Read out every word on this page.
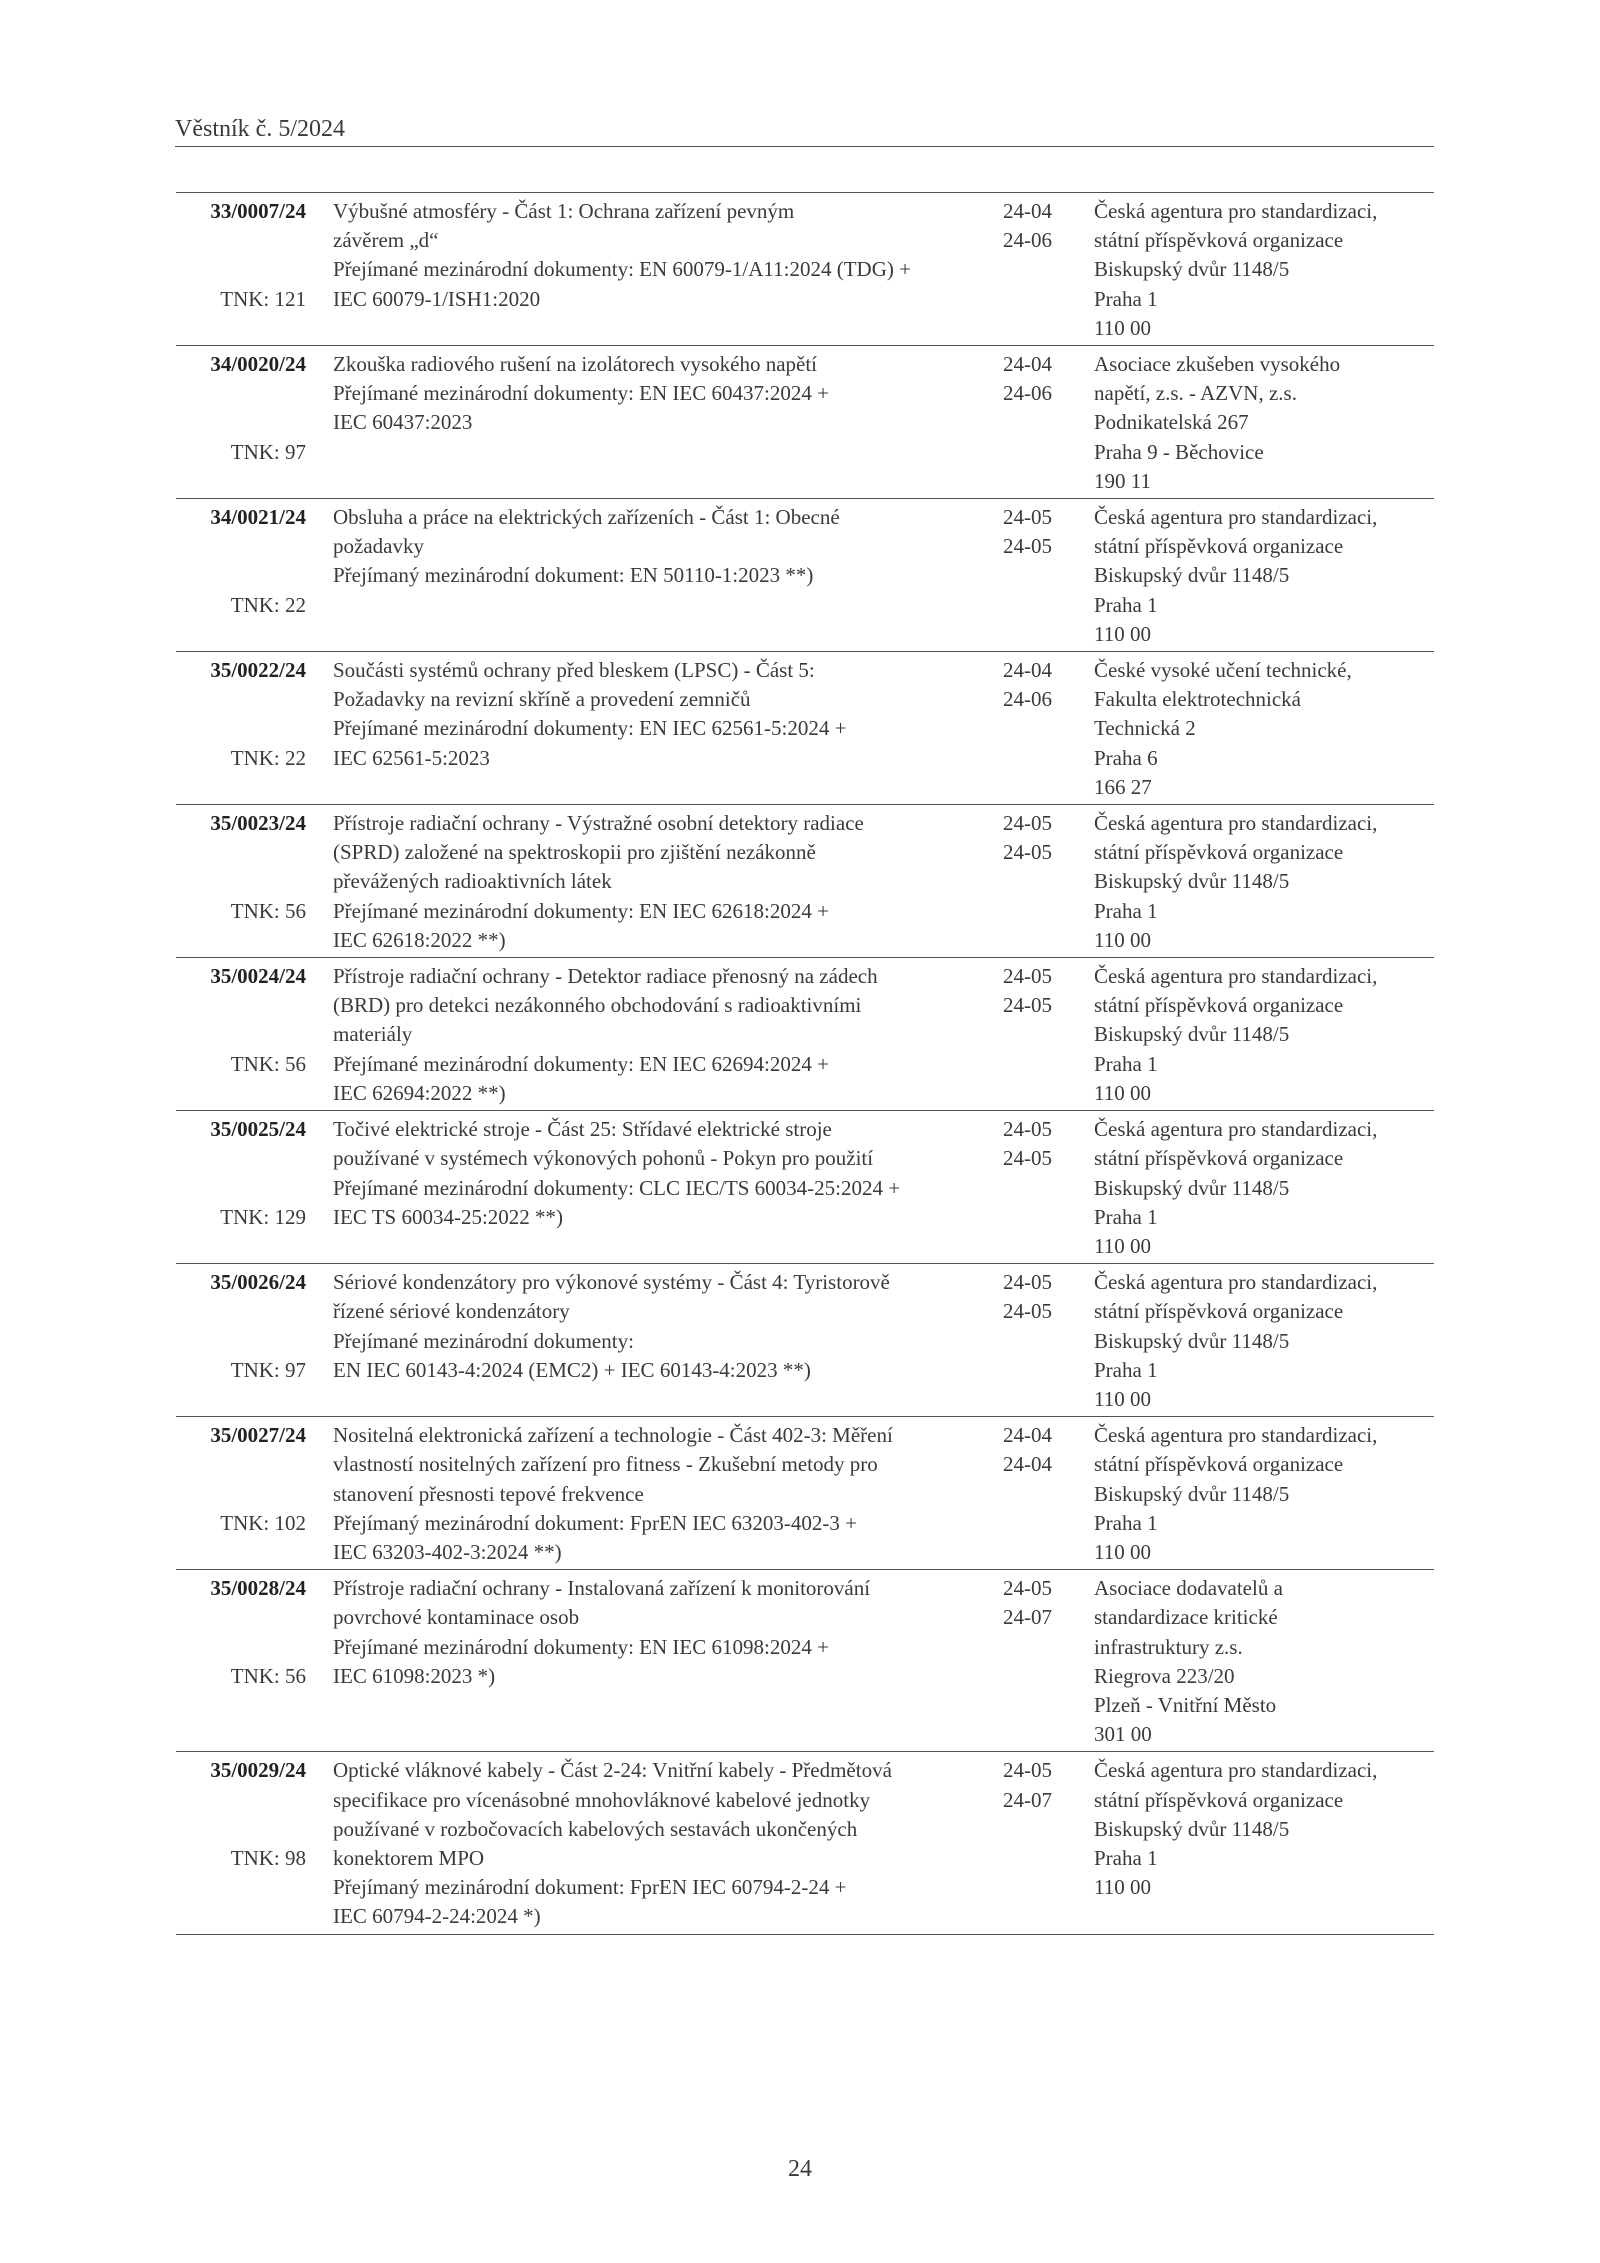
Věstník č. 5/2024
33/0007/24
TNK: 121
Výbušné atmosféry - Část 1: Ochrana zařízení pevným
závěrem „d“
Přejímané mezinárodní dokumenty: EN 60079-1/A11:2024 (TDG) +
IEC 60079-1/ISH1:2020
24-04
24-06
Česká agentura pro standardizaci,
státní příspěvková organizace
Biskupský dvůr 1148/5
Praha 1
110 00
34/0020/24
TNK: 97
Zkouška radiového rušení na izolátorech vysokého napětí
Přejímané mezinárodní dokumenty: EN IEC 60437:2024 +
IEC 60437:2023
24-04
24-06
Asociace zkušeben vysokého
napětí, z.s. - AZVN, z.s.
Podnikatelská 267
Praha 9 - Běchovice
190 11
34/0021/24
TNK: 22
Obsluha a práce na elektrických zařízeních - Část 1: Obecné
požadavky
Přejímaný mezinárodní dokument: EN 50110-1:2023 **)
24-05
24-05
Česká agentura pro standardizaci,
státní příspěvková organizace
Biskupský dvůr 1148/5
Praha 1
110 00
35/0022/24
TNK: 22
Součásti systémů ochrany před bleskem (LPSC) - Část 5:
Požadavky na revizní skříně a provedení zemničů
Přejímané mezinárodní dokumenty: EN IEC 62561-5:2024 +
IEC 62561-5:2023
24-04
24-06
České vysoké učení technické,
Fakulta elektrotechnická
Technická 2
Praha 6
166 27
35/0023/24
TNK: 56
Přístroje radiační ochrany - Výstražné osobní detektory radiace
(SPRD) založené na spektroskopii pro zjištění nezákonně
převážených radioaktivních látek
Přejímané mezinárodní dokumenty: EN IEC 62618:2024 +
IEC 62618:2022 **)
24-05
24-05
Česká agentura pro standardizaci,
státní příspěvková organizace
Biskupský dvůr 1148/5
Praha 1
110 00
35/0024/24
TNK: 56
Přístroje radiační ochrany - Detektor radiace přenosný na zádech
(BRD) pro detekci nezákonného obchodování s radioaktivními
materiály
Přejímané mezinárodní dokumenty: EN IEC 62694:2024 +
IEC 62694:2022 **)
24-05
24-05
Česká agentura pro standardizaci,
státní příspěvková organizace
Biskupský dvůr 1148/5
Praha 1
110 00
35/0025/24
TNK: 129
Točivé elektrické stroje - Část 25: Střídavé elektrické stroje
používané v systémech výkonových pohonů - Pokyn pro použití
Přejímané mezinárodní dokumenty: CLC IEC/TS 60034-25:2024 +
IEC TS 60034-25:2022 **)
24-05
24-05
Česká agentura pro standardizaci,
státní příspěvková organizace
Biskupský dvůr 1148/5
Praha 1
110 00
35/0026/24
TNK: 97
Sériové kondenzátory pro výkonové systémy - Část 4: Tyristorově
řízené sériové kondenzátory
Přejímané mezinárodní dokumenty:
EN IEC 60143-4:2024 (EMC2) + IEC 60143-4:2023 **)
24-05
24-05
Česká agentura pro standardizaci,
státní příspěvková organizace
Biskupský dvůr 1148/5
Praha 1
110 00
35/0027/24
TNK: 102
Nositelná elektronická zařízení a technologie - Část 402-3: Měření
vlastností nositelných zařízení pro fitness - Zkušební metody pro
stanovení přesnosti tepové frekvence
Přejímaný mezinárodní dokument: FprEN IEC 63203-402-3 +
IEC 63203-402-3:2024 **)
24-04
24-04
Česká agentura pro standardizaci,
státní příspěvková organizace
Biskupský dvůr 1148/5
Praha 1
110 00
35/0028/24
TNK: 56
Přístroje radiační ochrany - Instalovaná zařízení k monitorování
povrchové kontaminace osob
Přejímané mezinárodní dokumenty: EN IEC 61098:2024 +
IEC 61098:2023 *)
24-05
24-07
Asociace dodavatelů a
standardizace kritické
infrastruktury z.s.
Riegrova 223/20
Plzeň - Vnitřní Město
301 00
35/0029/24
TNK: 98
Optické vláknové kabely - Část 2-24: Vnitřní kabely - Předmětová
specifikace pro vícenásobné mnohovláknové kabelové jednotky
používané v rozbočovacích kabelových sestavách ukončených
konektorem MPO
Přejímaný mezinárodní dokument: FprEN IEC 60794-2-24 +
IEC 60794-2-24:2024 *)
24-05
24-07
Česká agentura pro standardizaci,
státní příspěvková organizace
Biskupský dvůr 1148/5
Praha 1
110 00
24
